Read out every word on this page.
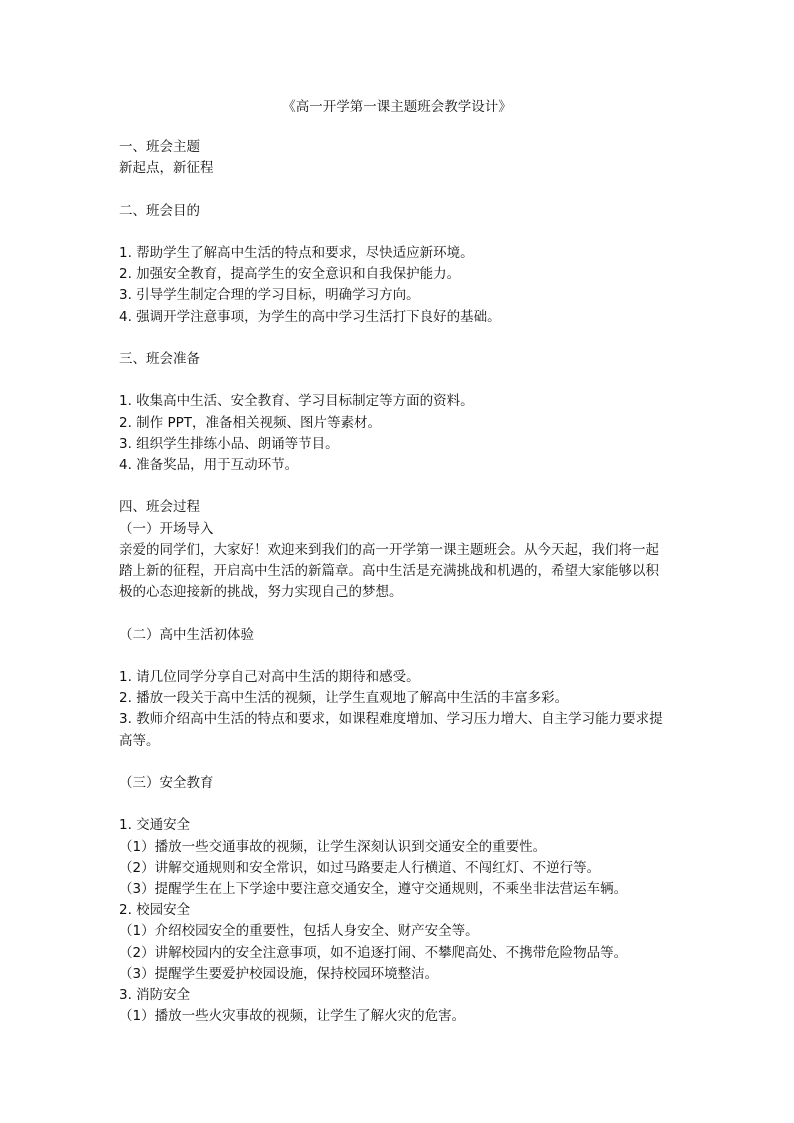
《高一开学第一课主题班会教学设计》

一、班会主题

新起点，新征程

二、班会目的

1. 帮助学生了解高中生活的特点和要求，尽快适应新环境。

2. 加强安全教育，提高学生的安全意识和自我保护能力。

3. 引导学生制定合理的学习目标，明确学习方向。

4. 强调开学注意事项，为学生的高中学习生活打下良好的基础。

三、班会准备

1. 收集高中生活、安全教育、学习目标制定等方面的资料。

2. 制作 PPT，准备相关视频、图片等素材。

3. 组织学生排练小品、朗诵等节目。

4. 准备奖品，用于互动环节。

四、班会过程

（一）开场导入

亲爱的同学们，大家好！欢迎来到我们的高一开学第一课主题班会。从今天起，我们将一起

踏上新的征程，开启高中生活的新篇章。高中生活是充满挑战和机遇的，希望大家能够以积

极的心态迎接新的挑战，努力实现自己的梦想。

（二）高中生活初体验

1. 请几位同学分享自己对高中生活的期待和感受。

2. 播放一段关于高中生活的视频，让学生直观地了解高中生活的丰富多彩。

3. 教师介绍高中生活的特点和要求，如课程难度增加、学习压力增大、自主学习能力要求提

高等。

（三）安全教育

1. 交通安全

（1）播放一些交通事故的视频，让学生深刻认识到交通安全的重要性。

（2）讲解交通规则和安全常识，如过马路要走人行横道、不闯红灯、不逆行等。

（3）提醒学生在上下学途中要注意交通安全，遵守交通规则，不乘坐非法营运车辆。

2. 校园安全

（1）介绍校园安全的重要性，包括人身安全、财产安全等。

（2）讲解校园内的安全注意事项，如不追逐打闹、不攀爬高处、不携带危险物品等。

（3）提醒学生要爱护校园设施，保持校园环境整洁。

3. 消防安全

（1）播放一些火灾事故的视频，让学生了解火灾的危害。
